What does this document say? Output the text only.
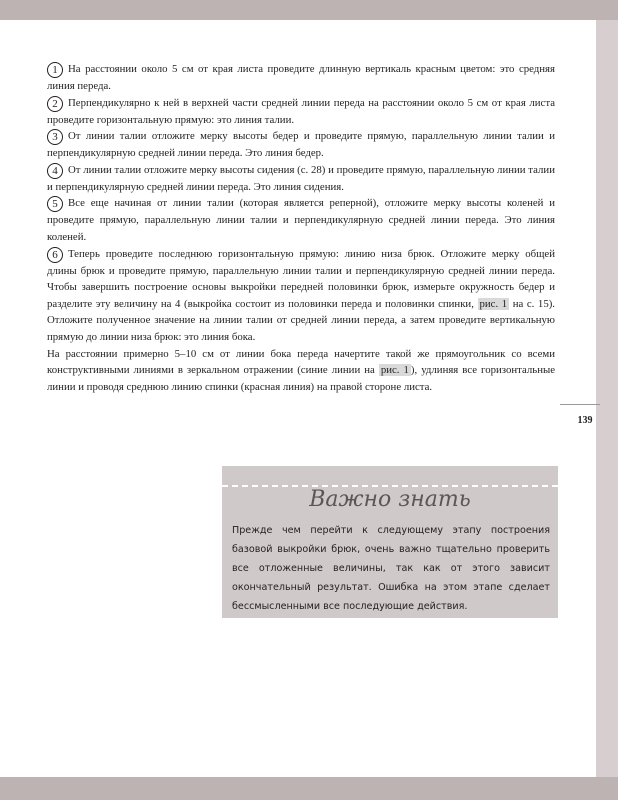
1 На расстоянии около 5 см от края листа проведите длинную вертикаль красным цветом: это средняя линия переда.

2 Перпендикулярно к ней в верхней части средней линии переда на расстоянии около 5 см от края листа проведите горизонтальную прямую: это линия талии.

3 От линии талии отложите мерку высоты бедер и проведите прямую, параллельную линии талии и перпендикулярную средней линии переда. Это линия бедер.

4 От линии талии отложите мерку высоты сидения (с. 28) и проведите прямую, параллельную линии талии и перпендикулярную средней линии переда. Это линия сидения.

5 Все еще начиная от линии талии (которая является реперной), отложите мерку высоты коленей и проведите прямую, параллельную линии талии и перпендикулярную средней линии переда. Это линия коленей.

6 Теперь проведите последнюю горизонтальную прямую: линию низа брюк. Отложите мерку общей длины брюк и проведите прямую, параллельную линии талии и перпендикулярную средней линии переда. Чтобы завершить построение основы выкройки передней половинки брюк, измерьте окружность бедер и разделите эту величину на 4 (выкройка состоит из половинки переда и половинки спинки, рис. 1 на с. 15). Отложите полученное значение на линии талии от средней линии переда, а затем проведите вертикальную прямую до линии низа брюк: это линия бока.

На расстоянии примерно 5–10 см от линии бока переда начертите такой же прямоугольник со всеми конструктивными линиями в зеркальном отражении (синие линии на рис. 1 ), удлиняя все горизонтальные линии и проводя среднюю линию спинки (красная линия) на правой стороне листа.

139
Важно знать
Прежде чем перейти к следующему этапу построения базовой выкройки брюк, очень важно тщательно проверить все отложенные величины, так как от этого зависит окончательный результат. Ошибка на этом этапе сделает бессмысленными все последующие действия.
